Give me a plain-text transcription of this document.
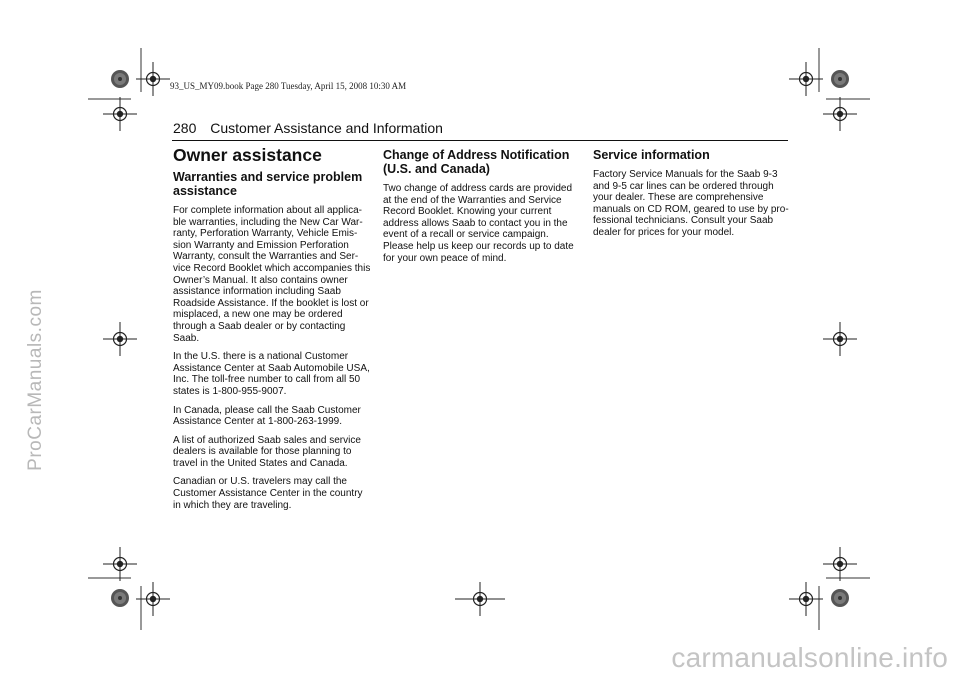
93_US_MY09.book Page 280 Tuesday, April 15, 2008 10:30 AM
ProCarManuals.com
280 Customer Assistance and Information
Owner assistance
Warranties and service problem assistance

For complete information about all applica-ble warranties, including the New Car War-ranty, Perforation Warranty, Vehicle Emis-sion Warranty and Emission Perforation Warranty, consult the Warranties and Ser-vice Record Booklet which accompanies this Owner’s Manual. It also contains owner assistance information including Saab Roadside Assistance. If the booklet is lost or misplaced, a new one may be ordered through a Saab dealer or by contacting Saab.

In the U.S. there is a national Customer Assistance Center at Saab Automobile USA, Inc. The toll-free number to call from all 50 states is 1-800-955-9007.

In Canada, please call the Saab Customer Assistance Center at 1-800-263-1999.

A list of authorized Saab sales and service dealers is available for those planning to travel in the United States and Canada.

Canadian or U.S. travelers may call the Customer Assistance Center in the country in which they are traveling.

Change of Address Notification (U.S. and Canada)

Two change of address cards are provided at the end of the Warranties and Service Record Booklet. Knowing your current address allows Saab to contact you in the event of a recall or service campaign. Please help us keep our records up to date for your own peace of mind.

Service information

Factory Service Manuals for the Saab 9-3 and 9-5 car lines can be ordered through your dealer. These are comprehensive manuals on CD ROM, geared to use by pro-fessional technicians. Consult your Saab dealer for prices for your model.

carmanualsonline.info
